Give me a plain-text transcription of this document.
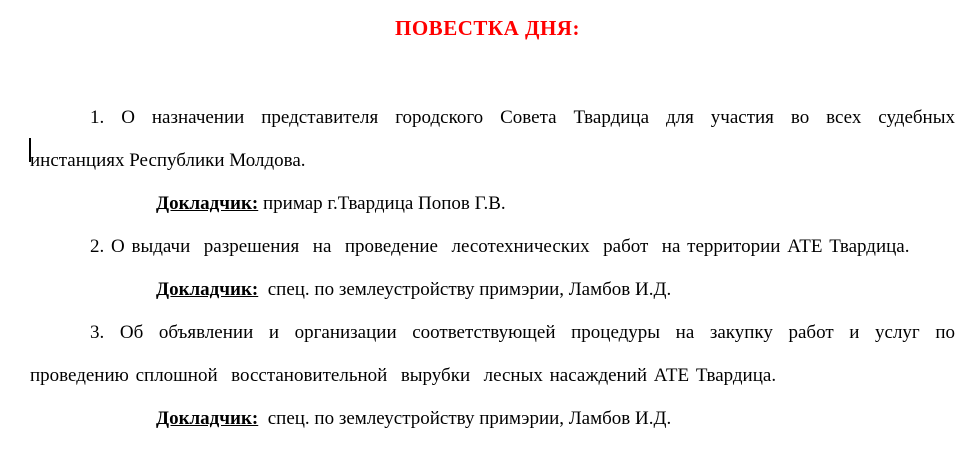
ПОВЕСТКА ДНЯ:
1. О назначении представителя городского Совета Твардица для участия во всех судебных
инстанциях Республики Молдова.
Докладчик: примар г.Твардица Попов Г.В.
2. О выдачи  разрешения  на  проведение  лесотехнических  работ  на территории АТЕ Твардица.
Докладчик:  спец. по землеустройству примэрии, Ламбов И.Д.
3. Об объявлении и организации соответствующей процедуры на закупку работ и услуг по
проведению сплошной  восстановительной  вырубки  лесных насаждений АТЕ Твардица.
Докладчик:  спец. по землеустройству примэрии, Ламбов И.Д.
